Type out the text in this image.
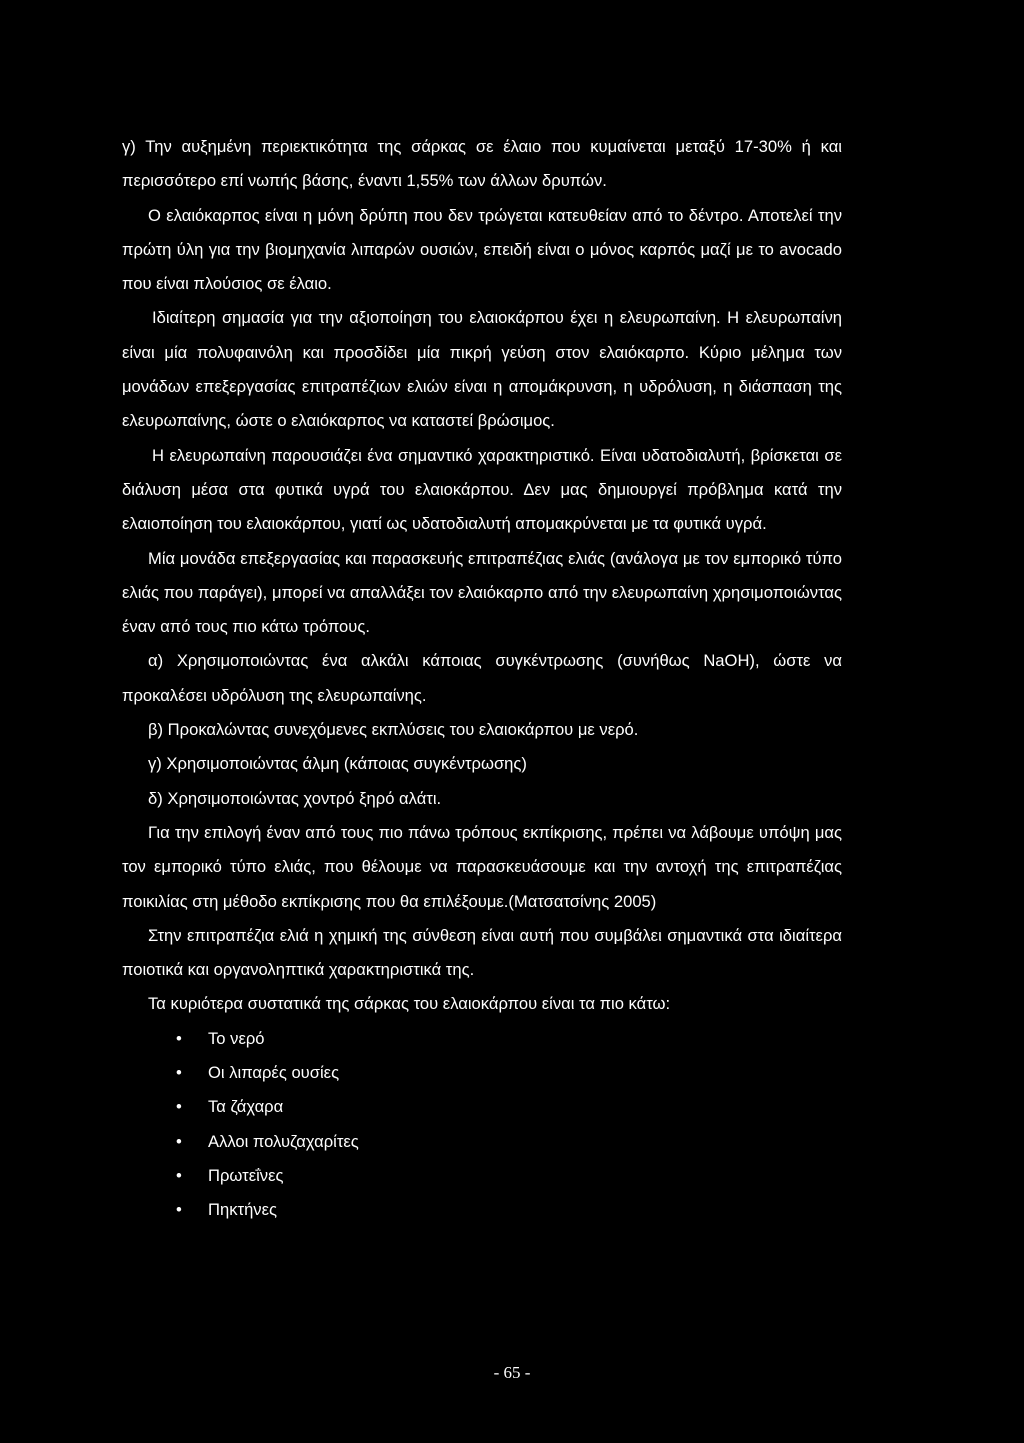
γ) Την αυξημένη περιεκτικότητα της σάρκας σε έλαιο που κυμαίνεται μεταξύ 17-30% ή και περισσότερο επί νωπής βάσης, έναντι 1,55% των άλλων δρυπών.

Ο ελαιόκαρπος είναι η μόνη δρύπη που δεν τρώγεται κατευθείαν από το δέντρο. Αποτελεί την πρώτη ύλη για την βιομηχανία λιπαρών ουσιών, επειδή είναι ο μόνος καρπός μαζί με το avocado που είναι πλούσιος σε έλαιο.

Ιδιαίτερη σημασία για την αξιοποίηση του ελαιοκάρπου έχει η ελευρωπαίνη. Η ελευρωπαίνη είναι μία πολυφαινόλη και προσδίδει μία πικρή γεύση στον ελαιόκαρπο. Κύριο μέλημα των μονάδων επεξεργασίας επιτραπέζιων ελιών είναι η απομάκρυνση, η υδρόλυση, η διάσπαση της ελευρωπαίνης, ώστε ο ελαιόκαρπος να καταστεί βρώσιμος.

Η ελευρωπαίνη παρουσιάζει ένα σημαντικό χαρακτηριστικό. Είναι υδατοδιαλυτή, βρίσκεται σε διάλυση μέσα στα φυτικά υγρά του ελαιοκάρπου. Δεν μας δημιουργεί πρόβλημα κατά την ελαιοποίηση του ελαιοκάρπου, γιατί ως υδατοδιαλυτή απομακρύνεται με τα φυτικά υγρά.

Μία μονάδα επεξεργασίας και παρασκευής επιτραπέζιας ελιάς (ανάλογα με τον εμπορικό τύπο ελιάς που παράγει), μπορεί να απαλλάξει τον ελαιόκαρπο από την ελευρωπαίνη χρησιμοποιώντας έναν από τους πιο κάτω τρόπους.

α) Χρησιμοποιώντας ένα αλκάλι κάποιας συγκέντρωσης (συνήθως NaOH), ώστε να προκαλέσει υδρόλυση της ελευρωπαίνης.

β) Προκαλώντας συνεχόμενες εκπλύσεις του ελαιοκάρπου με νερό.

γ) Χρησιμοποιώντας άλμη (κάποιας συγκέντρωσης)

δ) Χρησιμοποιώντας χοντρό ξηρό αλάτι.

Για την επιλογή έναν από τους πιο πάνω τρόπους εκπίκρισης, πρέπει να λάβουμε υπόψη μας τον εμπορικό τύπο ελιάς, που θέλουμε να παρασκευάσουμε και την αντοχή της επιτραπέζιας ποικιλίας στη μέθοδο εκπίκρισης που θα επιλέξουμε.(Ματσατσίνης 2005)

Στην επιτραπέζια ελιά η χημική της σύνθεση είναι αυτή που συμβάλει σημαντικά στα ιδιαίτερα ποιοτικά και οργανοληπτικά χαρακτηριστικά της.

Τα κυριότερα συστατικά της σάρκας του ελαιοκάρπου είναι τα πιο κάτω:

• Το νερό
• Οι λιπαρές ουσίες
• Τα ζάχαρα
• Αλλοι πολυζαχαρίτες
• Πρωτεΐνες
• Πηκτήνες
- 65 -
